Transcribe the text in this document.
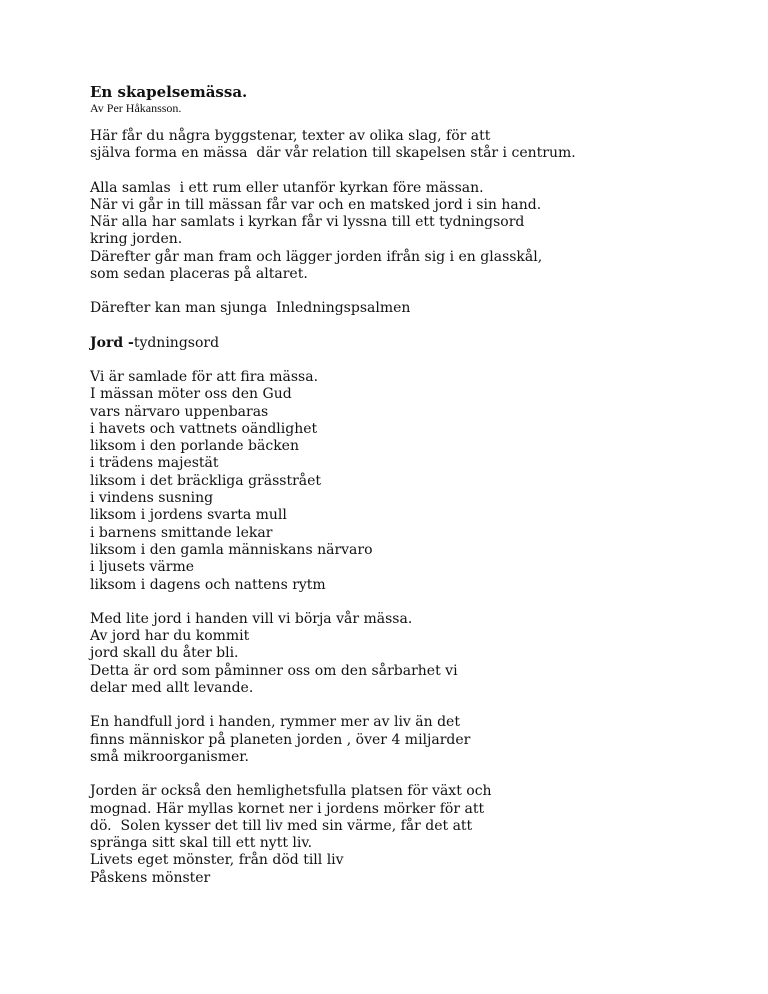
En skapelsemässa.

Av Per Håkansson.

Här får du några byggstenar, texter av olika slag, för att
själva forma en mässa  där vår relation till skapelsen står i centrum.
Alla samlas  i ett rum eller utanför kyrkan före mässan.
När vi går in till mässan får var och en matsked jord i sin hand.
När alla har samlats i kyrkan får vi lyssna till ett tydningsord
kring jorden.
Därefter går man fram och lägger jorden ifrån sig i en glasskål,
som sedan placeras på altaret.
Därefter kan man sjunga  Inledningspsalmen
Jord -tydningsord
Vi är samlade för att fira mässa.
I mässan möter oss den Gud
vars närvaro uppenbaras
i havets och vattnets oändlighet
liksom i den porlande bäcken
i trädens majestät
liksom i det bräckliga grässtrået
i vindens susning
liksom i jordens svarta mull
i barnens smittande lekar
liksom i den gamla människans närvaro
i ljusets värme
liksom i dagens och nattens rytm
Med lite jord i handen vill vi börja vår mässa.
Av jord har du kommit
jord skall du åter bli.
Detta är ord som påminner oss om den sårbarhet vi
delar med allt levande.
En handfull jord i handen, rymmer mer av liv än det
finns människor på planeten jorden , över 4 miljarder
små mikroorganismer.
Jorden är också den hemlighetsfulla platsen för växt och
mognad. Här myllas kornet ner i jordens mörker för att
dö.  Solen kysser det till liv med sin värme, får det att
spränga sitt skal till ett nytt liv.
Livets eget mönster, från död till liv
Påskens mönster
